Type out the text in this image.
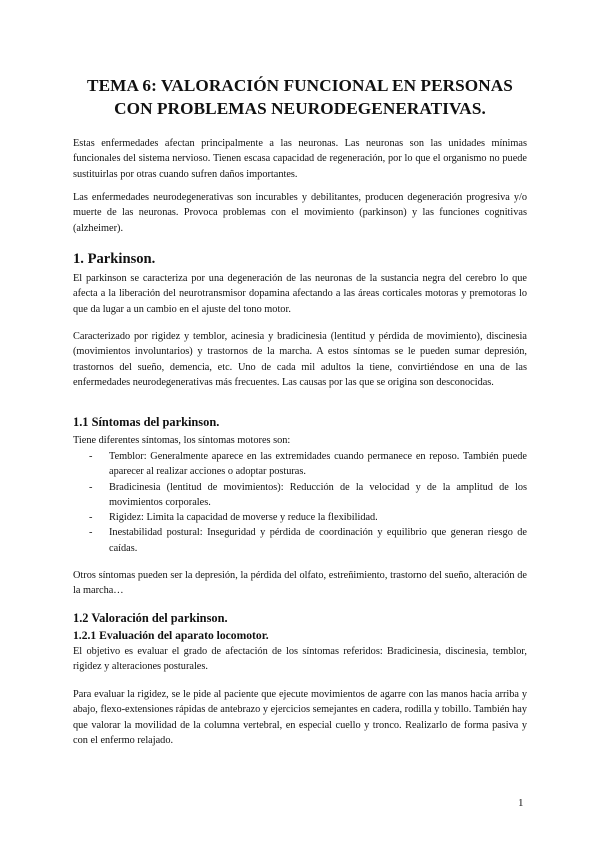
TEMA 6: VALORACIÓN FUNCIONAL EN PERSONAS CON PROBLEMAS NEURODEGENERATIVAS.

Estas enfermedades afectan principalmente a las neuronas. Las neuronas son las unidades mínimas funcionales del sistema nervioso. Tienen escasa capacidad de regeneración, por lo que el organismo no puede sustituirlas por otras cuando sufren daños importantes.

Las enfermedades neurodegenerativas son incurables y debilitantes, producen degeneración progresiva y/o muerte de las neuronas. Provoca problemas con el movimiento (parkinson) y las funciones cognitivas (alzheimer).

1. Parkinson.

El parkinson se caracteriza por una degeneración de las neuronas de la sustancia negra del cerebro lo que afecta a la liberación del neurotransmisor dopamina afectando a las áreas corticales motoras y premotoras lo que da lugar a un cambio en el ajuste del tono motor.

Caracterizado por rigidez y temblor, acinesia y bradicinesia (lentitud y pérdida de movimiento), discinesia (movimientos involuntarios) y trastornos de la marcha. A estos síntomas se le pueden sumar depresión, trastornos del sueño, demencia, etc. Uno de cada mil adultos la tiene, convirtiéndose en una de las enfermedades neurodegenerativas más frecuentes. Las causas por las que se origina son desconocidas.

1.1 Síntomas del parkinson.

Tiene diferentes síntomas, los síntomas motores son:

- Temblor: Generalmente aparece en las extremidades cuando permanece en reposo. También puede aparecer al realizar acciones o adoptar posturas.
- Bradicinesia (lentitud de movimientos): Reducción de la velocidad y de la amplitud de los movimientos corporales.
- Rigidez: Limita la capacidad de moverse y reduce la flexibilidad.
- Inestabilidad postural: Inseguridad y pérdida de coordinación y equilibrio que generan riesgo de caídas.

Otros síntomas pueden ser la depresión, la pérdida del olfato, estreñimiento, trastorno del sueño, alteración de la marcha…

1.2 Valoración del parkinson.
1.2.1 Evaluación del aparato locomotor.

El objetivo es evaluar el grado de afectación de los síntomas referidos: Bradicinesia, discinesia, temblor, rigidez y alteraciones posturales.

Para evaluar la rigidez, se le pide al paciente que ejecute movimientos de agarre con las manos hacia arriba y abajo, flexo-extensiones rápidas de antebrazo y ejercicios semejantes en cadera, rodilla y tobillo. También hay que valorar la movilidad de la columna vertebral, en especial cuello y tronco. Realizarlo de forma pasiva y con el enfermo relajado.

1
